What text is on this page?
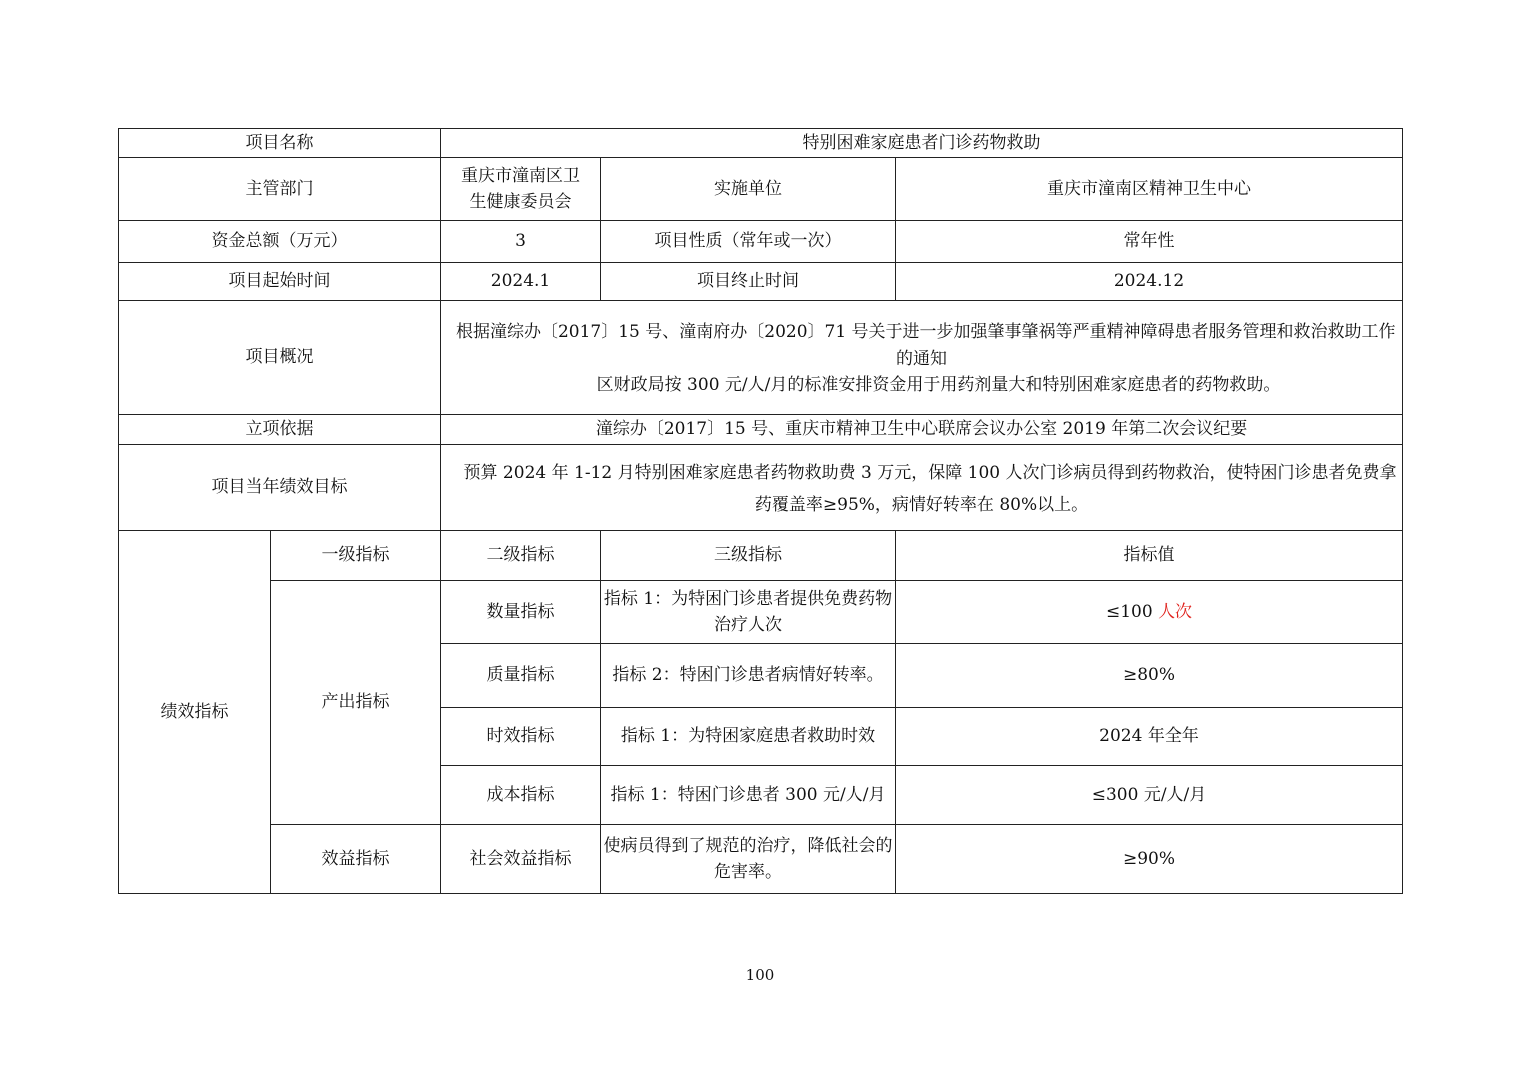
项目名称		特别困难家庭患者门诊药物救助		
主管部门		重庆市潼南区卫生健康委员会	实施单位	重庆市潼南区精神卫生中心
资金总额（万元）		3	项目性质（常年或一次）	常年性
项目起始时间		2024.1	项目终止时间	2024.12
项目概况		根据潼综办〔2017〕15 号、潼南府办〔2020〕71 号关于进一步加强肇事肇祸等严重精神障碍患者服务管理和救治救助工作的通知
区财政局按 300 元/人/月的标准安排资金用于用药剂量大和特别困难家庭患者的药物救助。		

立项依据		潼综办〔2017〕15 号、重庆市精神卫生中心联席会议办公室 2019 年第二次会议纪要		
项目当年绩效目标		预算 2024 年 1-12 月特别困难家庭患者药物救助费 3 万元，保障 100 人次门诊病员得到药物救治，使特困门诊患者免费拿药覆盖率≥95%，病情好转率在 80%以上。		
绩效指标	一级指标	二级指标	三级指标	指标值
	产出指标	数量指标	指标 1：为特困门诊患者提供免费药物治疗人次	≤100 人次
		质量指标	指标 2：特困门诊患者病情好转率。	≥80%
		时效指标	指标 1：为特困家庭患者救助时效	2024 年全年
		成本指标	指标 1：特困门诊患者 300 元/人/月	≤300 元/人/月
	效益指标	社会效益指标	使病员得到了规范的治疗，降低社会的危害率。	≥90%
100
